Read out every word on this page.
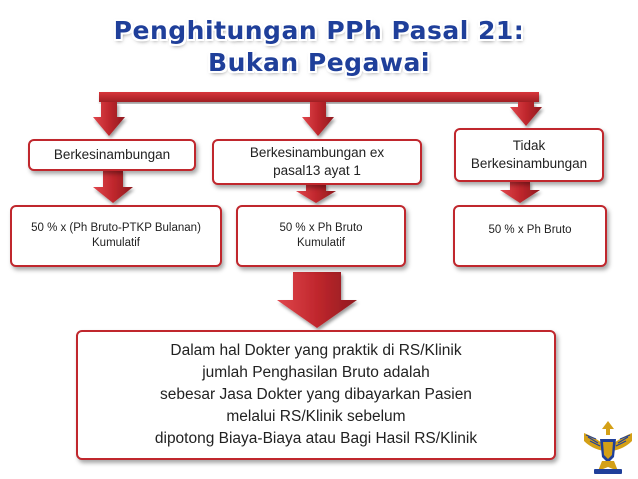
Penghitungan PPh Pasal 21:
Bukan Pegawai
Berkesinambungan	Berkesinambungan ex
pasal13 ayat 1
Tidak
Berkesinambungan
50 % x (Ph Bruto-PTKP Bulanan)
Kumulatif
50 % x Ph Bruto
Kumulatif
50 % x Ph Bruto
Dalam hal Dokter yang praktik di RS/Klinik
jumlah Penghasilan Bruto adalah
sebesar Jasa Dokter yang dibayarkan Pasien
melalui RS/Klinik sebelum
dipotong Biaya-Biaya atau Bagi Hasil RS/Klinik
